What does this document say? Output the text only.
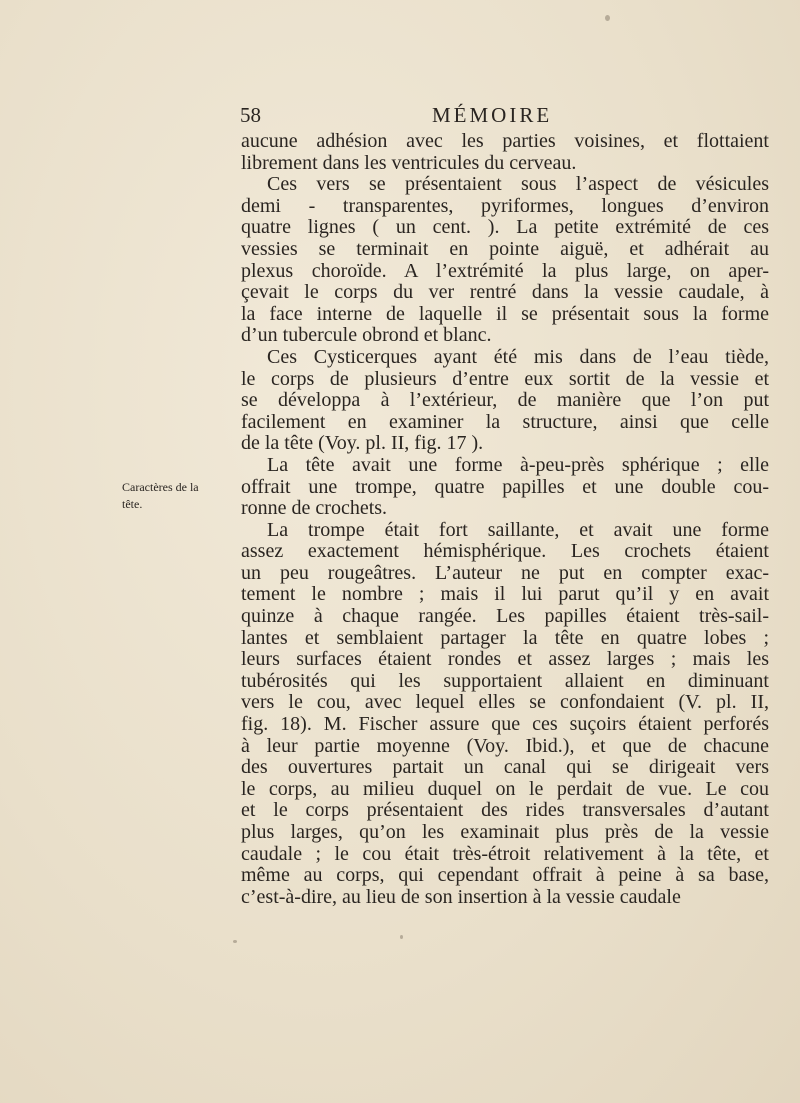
58	MÉMOIRE
Caractères de la
tête.
aucune adhésion avec les parties voisines, et flottaient
librement dans les ventricules du cerveau.
Ces vers se présentaient sous l’aspect de vésicules
demi - transparentes, pyriformes, longues d’environ
quatre lignes ( un cent. ). La petite extrémité de ces
vessies se terminait en pointe aiguë, et adhérait au
plexus choroïde. A l’extrémité la plus large, on aper-
çevait le corps du ver rentré dans la vessie caudale, à
la face interne de laquelle il se présentait sous la forme
d’un tubercule obrond et blanc.
Ces Cysticerques ayant été mis dans de l’eau tiède,
le corps de plusieurs d’entre eux sortit de la vessie et
se développa à l’extérieur, de manière que l’on put
facilement en examiner la structure, ainsi que celle
de la tête (Voy. pl. II, fig. 17 ).
La tête avait une forme à-peu-près sphérique ; elle
offrait une trompe, quatre papilles et une double cou-
ronne de crochets.
La trompe était fort saillante, et avait une forme
assez exactement hémisphérique. Les crochets étaient
un peu rougeâtres. L’auteur ne put en compter exac-
tement le nombre ; mais il lui parut qu’il y en avait
quinze à chaque rangée. Les papilles étaient très-sail-
lantes et semblaient partager la tête en quatre lobes ;
leurs surfaces étaient rondes et assez larges ; mais les
tubérosités qui les supportaient allaient en diminuant
vers le cou, avec lequel elles se confondaient (V. pl. II,
fig. 18). M. Fischer assure que ces suçoirs étaient perforés
à leur partie moyenne (Voy. Ibid.), et que de chacune
des ouvertures partait un canal qui se dirigeait vers
le corps, au milieu duquel on le perdait de vue. Le cou
et le corps présentaient des rides transversales d’autant
plus larges, qu’on les examinait plus près de la vessie
caudale ; le cou était très-étroit relativement à la tête, et
même au corps, qui cependant offrait à peine à sa base,
c’est-à-dire, au lieu de son insertion à la vessie caudale
